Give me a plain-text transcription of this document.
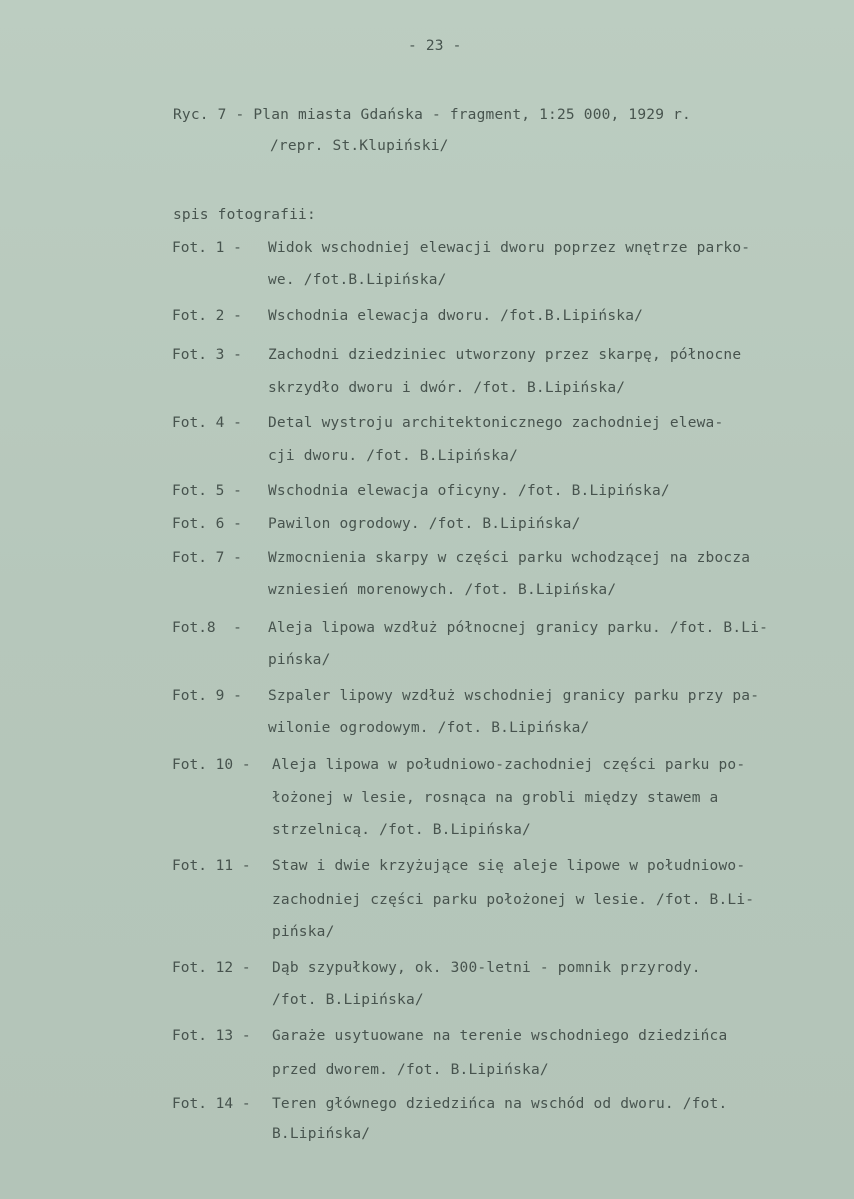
- 23 -
Ryc. 7 - Plan miasta Gdańska - fragment, 1:25 000, 1929 r.
/repr. St.Klupiński/
spis fotografii:
Fot. 1 - Widok wschodniej elewacji dworu poprzez wnętrze parko-
we. /fot.B.Lipińska/
Fot. 2 - Wschodnia elewacja dworu. /fot.B.Lipińska/
Fot. 3 - Zachodni dziedziniec utworzony przez skarpę, północne
skrzydło dworu i dwór. /fot. B.Lipińska/
Fot. 4 - Detal wystroju architektonicznego zachodniej elewa-
cji dworu. /fot. B.Lipińska/
Fot. 5 - Wschodnia elewacja oficyny. /fot. B.Lipińska/
Fot. 6 - Pawilon ogrodowy. /fot. B.Lipińska/
Fot. 7 - Wzmocnienia skarpy w części parku wchodzącej na zbocza
wzniesień morenowych. /fot. B.Lipińska/
Fot.8  - Aleja lipowa wzdłuż północnej granicy parku. /fot. B.Li-
pińska/
Fot. 9 - Szpaler lipowy wzdłuż wschodniej granicy parku przy pa-
wilonie ogrodowym. /fot. B.Lipińska/
Fot. 10 - Aleja lipowa w południowo-zachodniej części parku po-
łożonej w lesie, rosnąca na grobli między stawem a
strzelnicą. /fot. B.Lipińska/
Fot. 11 - Staw i dwie krzyżujące się aleje lipowe w południowo-
zachodniej części parku położonej w lesie. /fot. B.Li-
pińska/
Fot. 12 - Dąb szypułkowy, ok. 300-letni - pomnik przyrody.
/fot. B.Lipińska/
Fot. 13 - Garaże usytuowane na terenie wschodniego dziedzińca
przed dworem. /fot. B.Lipińska/
Fot. 14 - Teren głównego dziedzińca na wschód od dworu. /fot.
B.Lipińska/
